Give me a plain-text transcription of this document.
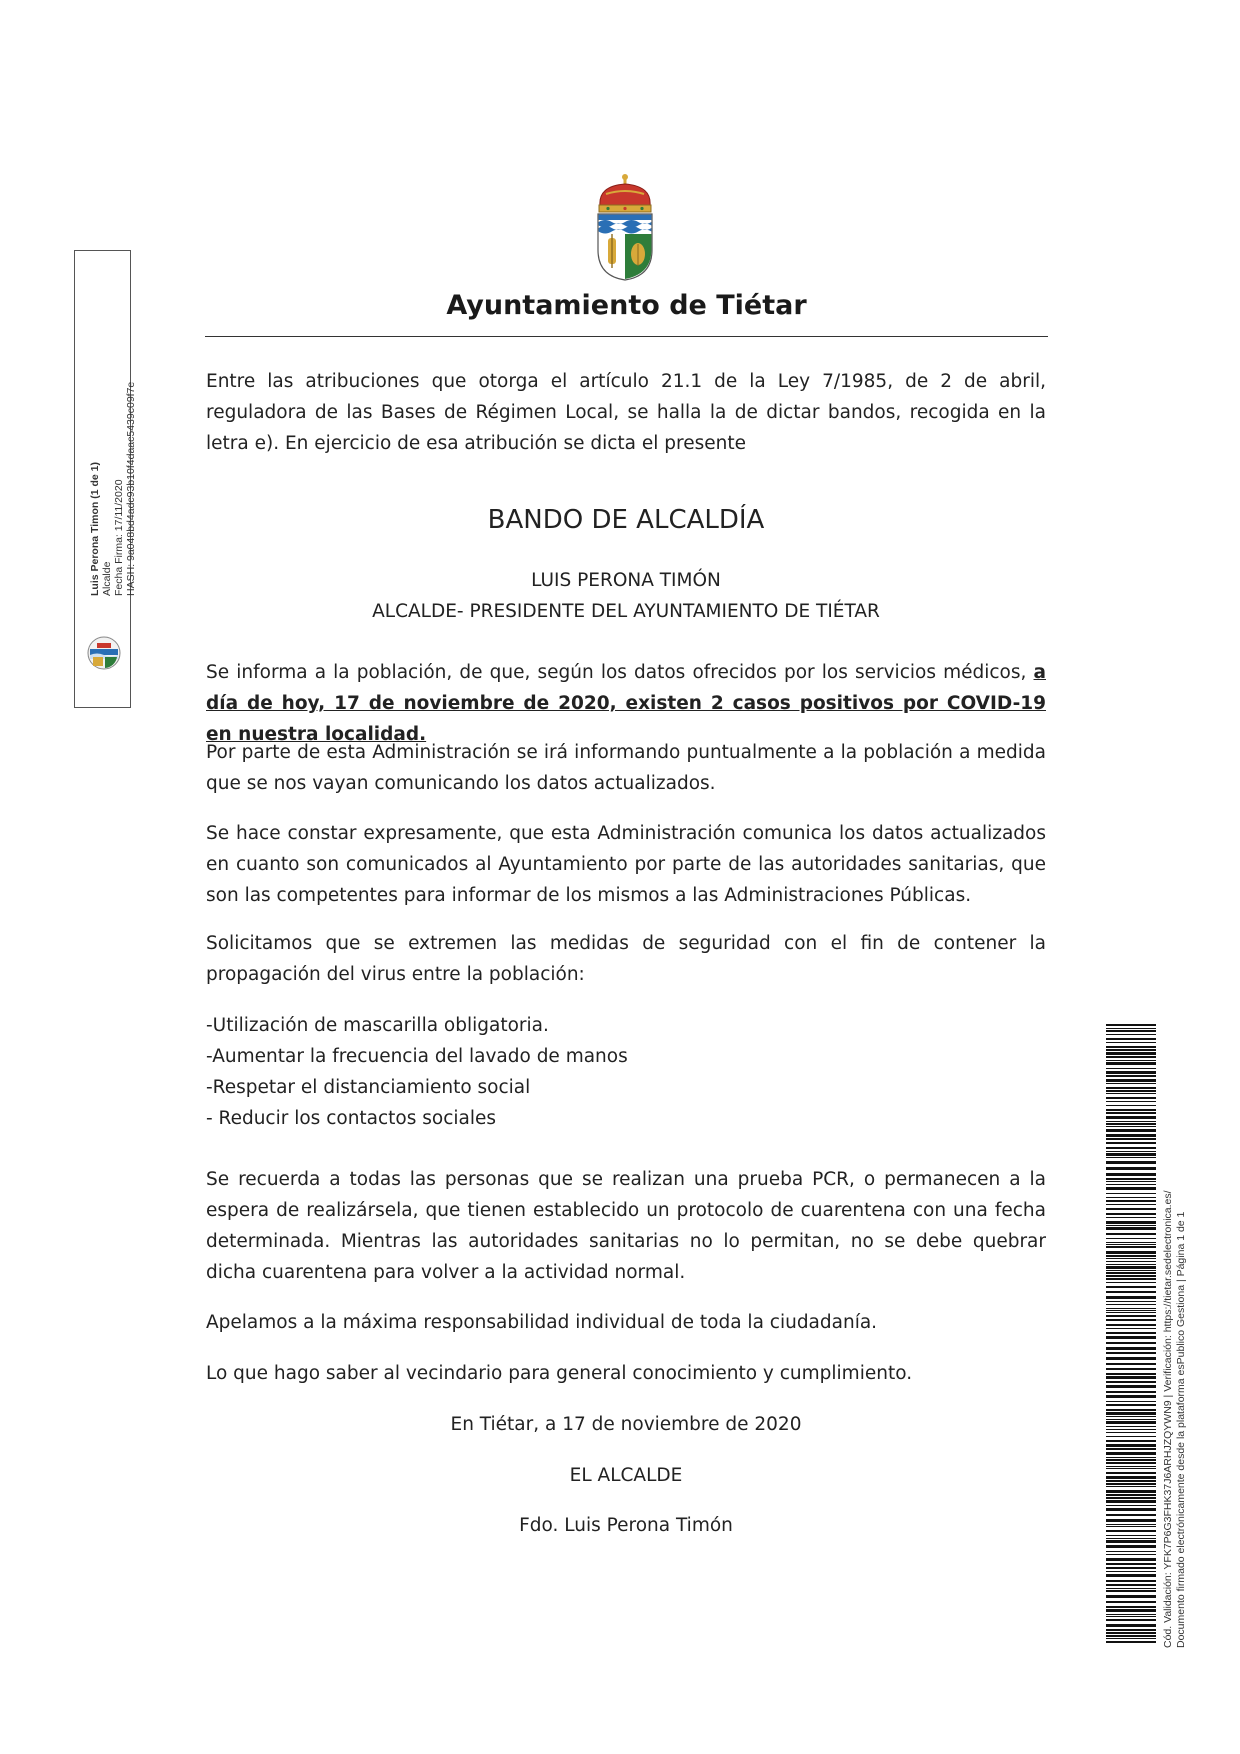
Luis Perona Timon (1 de 1) Alcalde Fecha Firma: 17/11/2020 HASH: 9a048bd4adc93b10f4daac5439c09f7e
Ayuntamiento de Tiétar
Entre las atribuciones que otorga el artículo 21.1 de la Ley 7/1985, de 2 de abril, reguladora de las Bases de Régimen Local, se halla la de dictar bandos, recogida en la letra e). En ejercicio de esa atribución se dicta el presente
BANDO DE ALCALDÍA
LUIS PERONA TIMÓN
ALCALDE- PRESIDENTE DEL AYUNTAMIENTO DE TIÉTAR
Se informa a la población, de que, según los datos ofrecidos por los servicios médicos, a día de hoy, 17 de noviembre de 2020, existen 2 casos positivos por COVID-19 en nuestra localidad.
Por parte de esta Administración se irá informando puntualmente a la población a medida que se nos vayan comunicando los datos actualizados.
Se hace constar expresamente, que esta Administración comunica los datos actualizados en cuanto son comunicados al Ayuntamiento por parte de las autoridades sanitarias, que son las competentes para informar de los mismos a las Administraciones Públicas.
Solicitamos que se extremen las medidas de seguridad con el fin de contener la propagación del virus entre la población:
-Utilización de mascarilla obligatoria.
-Aumentar la frecuencia del lavado de manos
-Respetar el distanciamiento social
- Reducir los contactos sociales
Se recuerda a todas las personas que se realizan una prueba PCR, o permanecen a la espera de realizársela, que tienen establecido un protocolo de cuarentena con una fecha determinada. Mientras las autoridades sanitarias no lo permitan, no se debe quebrar dicha cuarentena para volver a la actividad normal.
Apelamos a la máxima responsabilidad individual de toda la ciudadanía.
Lo que hago saber al vecindario para general conocimiento y cumplimiento.
En Tiétar, a 17 de noviembre de 2020
EL ALCALDE
Fdo. Luis Perona Timón	Cód. Validación: YFK7P6G3FHK37J6ARHJZQYWN9 | Verificación: https://tietar.sedelectronica.es/ Documento firmado electrónicamente desde la plataforma esPublico Gestiona | Página 1 de 1
